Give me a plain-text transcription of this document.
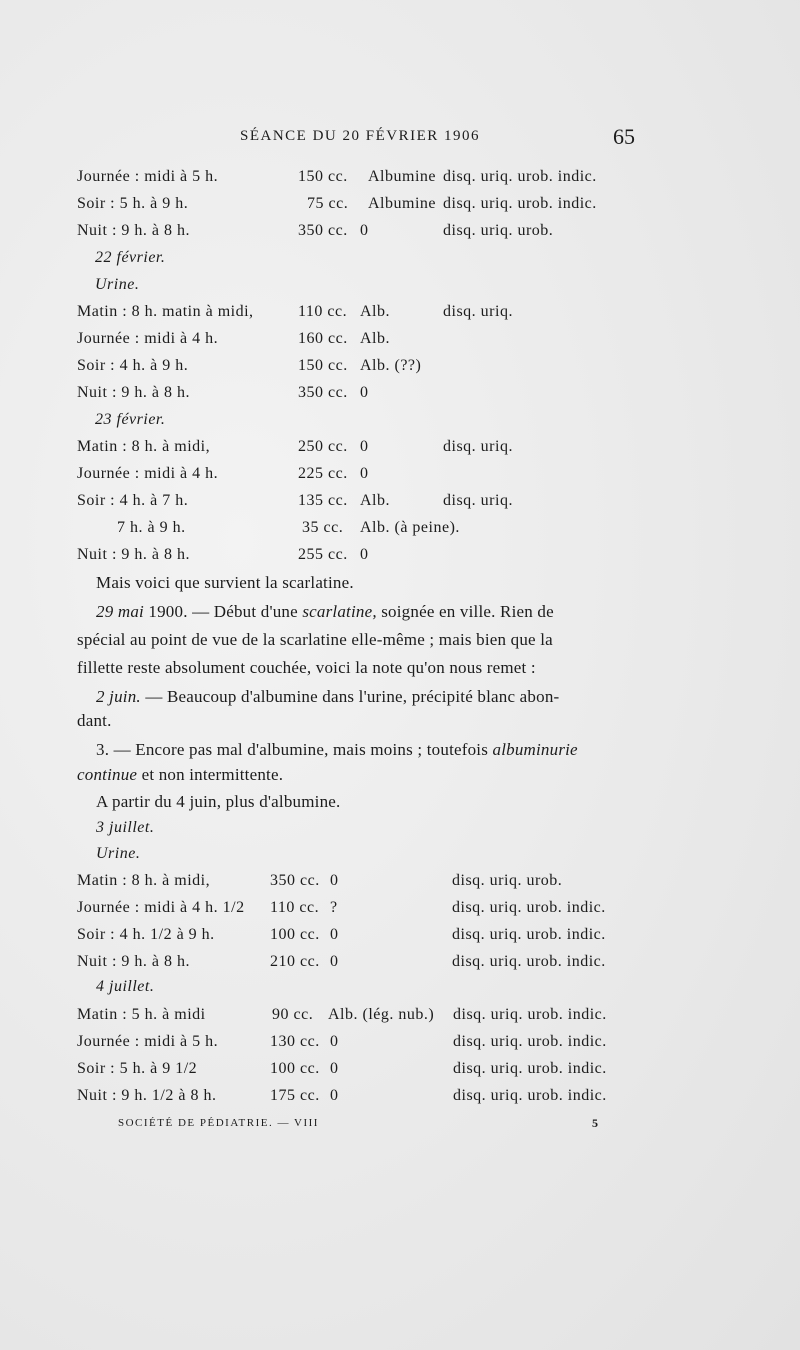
SÉANCE DU 20 FÉVRIER 1906	65
Journée : midi à 5 h.	150 cc. Albumine disq. uriq. urob. indic.
Soir : 5 h. à 9 h.	75 cc. Albumine disq. uriq. urob. indic.
Nuit : 9 h. à 8 h.	350 cc. 0	disq. uriq. urob.
22 février.
Urine.
Matin : 8 h. matin à midi,	110 cc. Alb.	disq. uriq.
Journée : midi à 4 h.	160 cc. Alb.
Soir : 4 h. à 9 h.	150 cc. Alb. (??)
Nuit : 9 h. à 8 h.	350 cc. 0
23 février.
Matin : 8 h. à midi,	250 cc. 0	disq. uriq.
Journée : midi à 4 h.	225 cc. 0
Soir : 4 h. à 7 h.	135 cc. Alb.	disq. uriq.
7 h. à 9 h.	35 cc. Alb. (à peine).
Nuit : 9 h. à 8 h.	255 cc. 0
Mais voici que survient la scarlatine.
29 mai 1900. — Début d'une scarlatine, soignée en ville. Rien de
spécial au point de vue de la scarlatine elle-même ; mais bien que la
fillette reste absolument couchée, voici la note qu'on nous remet :
2 juin. — Beaucoup d'albumine dans l'urine, précipité blanc abon-
dant.
3. — Encore pas mal d'albumine, mais moins ; toutefois albuminurie
continue et non intermittente.
A partir du 4 juin, plus d'albumine.
3 juillet.
Urine.
Matin : 8 h. à midi,	350 cc. 0	disq. uriq. urob.
Journée : midi à 4 h. 1/2 110 cc. ?	disq. uriq. urob. indic.
Soir : 4 h. 1/2 à 9 h.	100 cc. 0	disq. uriq. urob. indic.
Nuit : 9 h. à 8 h.	210 cc. 0	disq. uriq. urob. indic.
4 juillet.
Matin : 5 h. à midi	90 cc. Alb. (lég. nub.) disq. uriq. urob. indic.
Journée : midi à 5 h.	130 cc. 0	disq. uriq. urob. indic.
Soir : 5 h. à 9 1/2	100 cc. 0	disq. uriq. urob. indic.
Nuit : 9 h. 1/2 à 8 h.	175 cc. 0	disq. uriq. urob. indic.
SOCIÉTÉ DE PÉDIATRIE. — VIII	5
